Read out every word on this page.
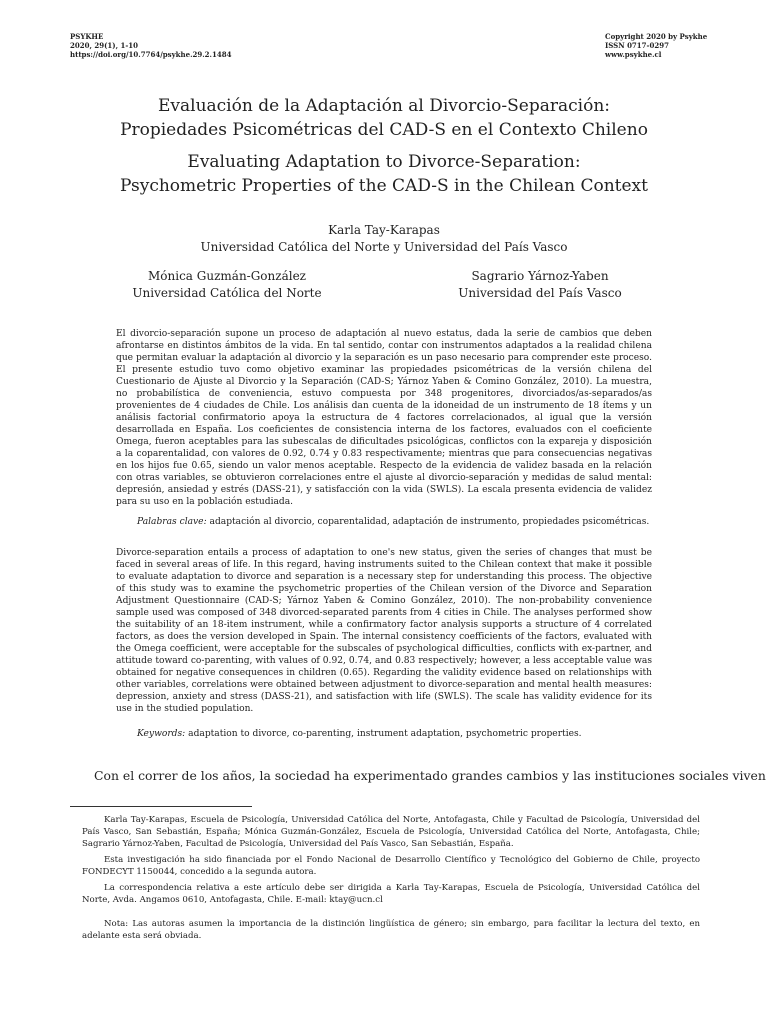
PSYKHE
2020, 29(1), 1-10
https://doi.org/10.7764/psykhe.29.2.1484
Copyright 2020 by Psykhe
ISSN 0717-0297
www.psykhe.cl
Evaluación de la Adaptación al Divorcio-Separación:
Propiedades Psicométricas del CAD-S en el Contexto Chileno
Evaluating Adaptation to Divorce-Separation:
Psychometric Properties of the CAD-S in the Chilean Context
Karla Tay-Karapas
Universidad Católica del Norte y Universidad del País Vasco
Mónica Guzmán-González
Universidad Católica del Norte
Sagrario Yárnoz-Yaben
Universidad del País Vasco

El divorcio-separación supone un proceso de adaptación al nuevo estatus, dada la serie de cambios que deben afrontarse en distintos ámbitos de la vida. En tal sentido, contar con instrumentos adaptados a la realidad chilena que permitan evaluar la adaptación al divorcio y la separación es un paso necesario para comprender este proceso. El presente estudio tuvo como objetivo examinar las propiedades psicométricas de la versión chilena del Cuestionario de Ajuste al Divorcio y la Separación (CAD-S; Yárnoz Yaben & Comino González, 2010). La muestra, no probabilística de conveniencia, estuvo compuesta por 348 progenitores, divorciados/as-separados/as provenientes de 4 ciudades de Chile. Los análisis dan cuenta de la idoneidad de un instrumento de 18 ítems y un análisis factorial confirmatorio apoya la estructura de 4 factores correlacionados, al igual que la versión desarrollada en España. Los coeficientes de consistencia interna de los factores, evaluados con el coeficiente Omega, fueron aceptables para las subescalas de dificultades psicológicas, conflictos con la expareja y disposición a la coparentalidad, con valores de 0.92, 0.74 y 0.83 respectivamente; mientras que para consecuencias negativas en los hijos fue 0.65, siendo un valor menos aceptable. Respecto de la evidencia de validez basada en la relación con otras variables, se obtuvieron correlaciones entre el ajuste al divorcio-separación y medidas de salud mental: depresión, ansiedad y estrés (DASS-21), y satisfacción con la vida (SWLS). La escala presenta evidencia de validez para su uso en la población estudiada.

Palabras clave: adaptación al divorcio, coparentalidad, adaptación de instrumento, propiedades psicométricas.

Divorce-separation entails a process of adaptation to one's new status, given the series of changes that must be faced in several areas of life. In this regard, having instruments suited to the Chilean context that make it possible to evaluate adaptation to divorce and separation is a necessary step for understanding this process. The objective of this study was to examine the psychometric properties of the Chilean version of the Divorce and Separation Adjustment Questionnaire (CAD-S; Yárnoz Yaben & Comino González, 2010). The non-probability convenience sample used was composed of 348 divorced-separated parents from 4 cities in Chile. The analyses performed show the suitability of an 18-item instrument, while a confirmatory factor analysis supports a structure of 4 correlated factors, as does the version developed in Spain. The internal consistency coefficients of the factors, evaluated with the Omega coefficient, were acceptable for the subscales of psychological difficulties, conflicts with ex-partner, and attitude toward co-parenting, with values of 0.92, 0.74, and 0.83 respectively; however, a less acceptable value was obtained for negative consequences in children (0.65). Regarding the validity evidence based on relationships with other variables, correlations were obtained between adjustment to divorce-separation and mental health measures: depression, anxiety and stress (DASS-21), and satisfaction with life (SWLS). The scale has validity evidence for its use in the studied population.

Keywords: adaptation to divorce, co-parenting, instrument adaptation, psychometric properties.

Con el correr de los años, la sociedad ha experimentado grandes cambios y las instituciones sociales viven

Karla Tay-Karapas, Escuela de Psicología, Universidad Católica del Norte, Antofagasta, Chile y Facultad de Psicología, Universidad del País Vasco, San Sebastián, España; Mónica Guzmán-González, Escuela de Psicología, Universidad Católica del Norte, Antofagasta, Chile; Sagrario Yárnoz-Yaben, Facultad de Psicología, Universidad del País Vasco, San Sebastián, España.

Esta investigación ha sido financiada por el Fondo Nacional de Desarrollo Científico y Tecnológico del Gobierno de Chile, proyecto FONDECYT 1150044, concedido a la segunda autora.

La correspondencia relativa a este artículo debe ser dirigida a Karla Tay-Karapas, Escuela de Psicología, Universidad Católica del Norte, Avda. Angamos 0610, Antofagasta, Chile. E-mail: ktay@ucn.cl

Nota: Las autoras asumen la importancia de la distinción lingüística de género; sin embargo, para facilitar la lectura del texto, en adelante esta será obviada.
